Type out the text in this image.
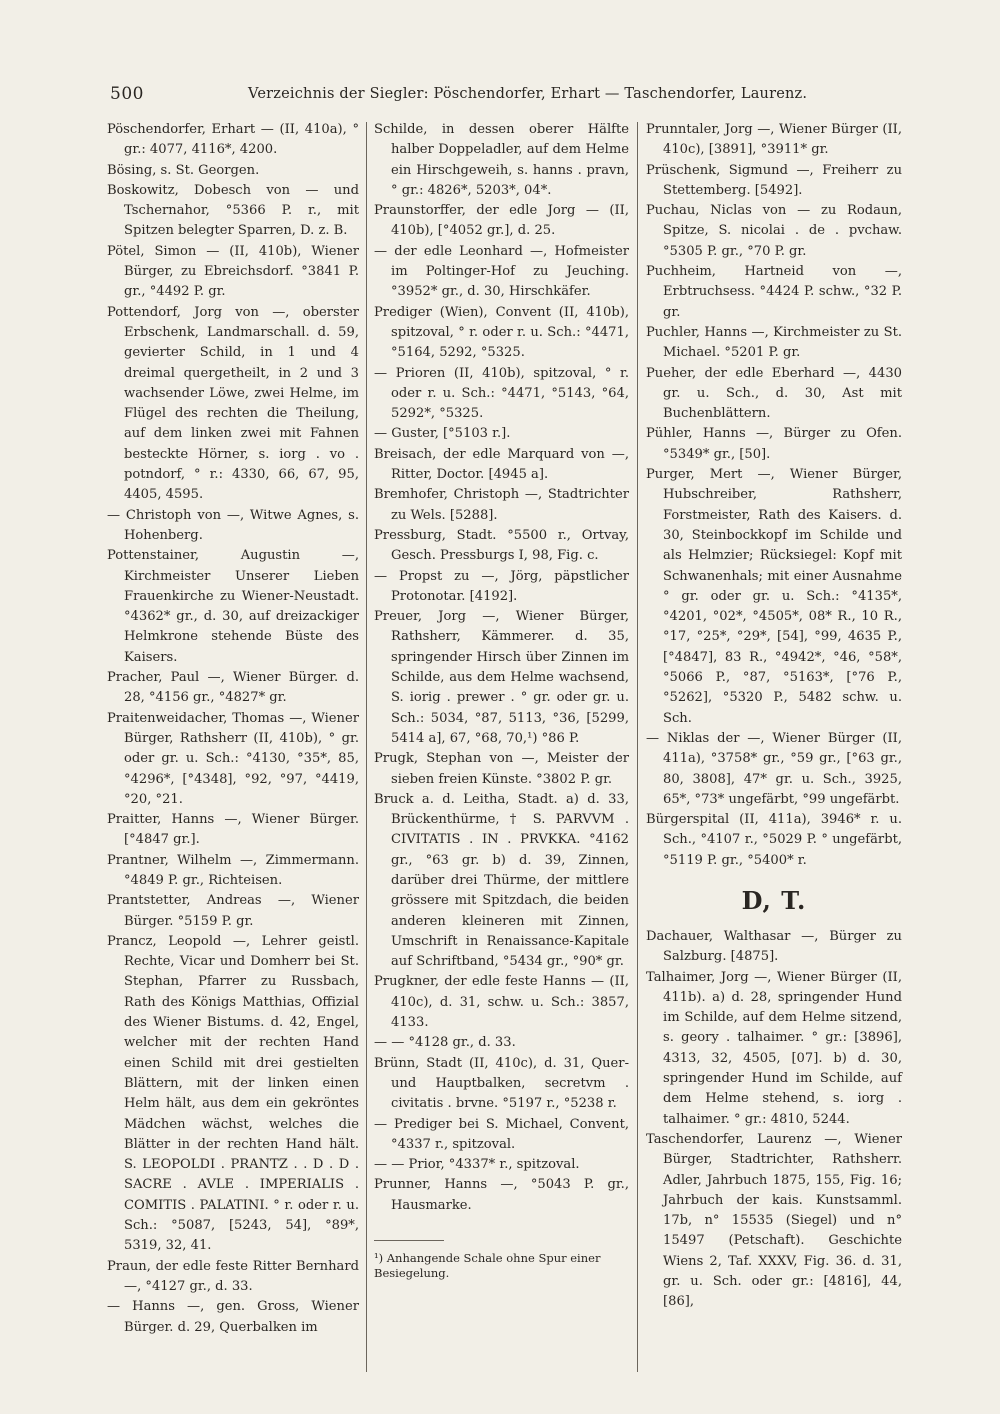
500	Verzeichnis der Siegler: Pöschendorfer, Erhart — Taschendorfer, Laurenz.

Pöschendorfer, Erhart — (II, 410a), ° gr.: 4077, 4116*, 4200.

Bösing, s. St. Georgen.

Boskowitz, Dobesch von — und Tschernahor, °5366 P. r., mit Spitzen belegter Sparren, D. z. B.

Pötel, Simon — (II, 410b), Wiener Bürger, zu Ebreichsdorf. °3841 P. gr., °4492 P. gr.

Pottendorf, Jorg von —, oberster Erbschenk, Landmarschall. d. 59, gevierter Schild, in 1 und 4 dreimal quergetheilt, in 2 und 3 wachsender Löwe, zwei Helme, im Flügel des rechten die Theilung, auf dem linken zwei mit Fahnen besteckte Hörner, s. iorg . vo . potndorf, ° r.: 4330, 66, 67, 95, 4405, 4595.

— Christoph von —, Witwe Agnes, s. Hohenberg.

Pottenstainer, Augustin —, Kirchmeister Unserer Lieben Frauenkirche zu Wiener-Neustadt. °4362* gr., d. 30, auf dreizackiger Helmkrone stehende Büste des Kaisers.

Pracher, Paul —, Wiener Bürger. d. 28, °4156 gr., °4827* gr.

Praitenweidacher, Thomas —, Wiener Bürger, Rathsherr (II, 410b), ° gr. oder gr. u. Sch.: °4130, °35*, 85, °4296*, [°4348], °92, °97, °4419, °20, °21.

Praitter, Hanns —, Wiener Bürger. [°4847 gr.].

Prantner, Wilhelm —, Zimmermann. °4849 P. gr., Richteisen.

Prantstetter, Andreas —, Wiener Bürger. °5159 P. gr.

Prancz, Leopold —, Lehrer geistl. Rechte, Vicar und Domherr bei St. Stephan, Pfarrer zu Russbach, Rath des Königs Matthias, Offizial des Wiener Bistums. d. 42, Engel, welcher mit der rechten Hand einen Schild mit drei gestielten Blättern, mit der linken einen Helm hält, aus dem ein gekröntes Mädchen wächst, welches die Blätter in der rechten Hand hält. S. LEOPOLDI . PRANTZ . . D . D . SACRE . AVLE . IMPERIALIS . COMITIS . PALATINI. ° r. oder r. u. Sch.: °5087, [5243, 54], °89*, 5319, 32, 41.

Praun, der edle feste Ritter Bernhard —, °4127 gr., d. 33.

— Hanns —, gen. Gross, Wiener Bürger. d. 29, Querbalken im

Schilde, in dessen oberer Hälfte halber Doppeladler, auf dem Helme ein Hirschgeweih, s. hanns . pravn, ° gr.: 4826*, 5203*, 04*.

Praunstorffer, der edle Jorg — (II, 410b), [°4052 gr.], d. 25.

— der edle Leonhard —, Hofmeister im Poltinger-Hof zu Jeuching. °3952* gr., d. 30, Hirschkäfer.

Prediger (Wien), Convent (II, 410b), spitzoval, ° r. oder r. u. Sch.: °4471, °5164, 5292, °5325.

— Prioren (II, 410b), spitzoval, ° r. oder r. u. Sch.: °4471, °5143, °64, 5292*, °5325.

— Guster, [°5103 r.].

Breisach, der edle Marquard von —, Ritter, Doctor. [4945 a].

Bremhofer, Christoph —, Stadtrichter zu Wels. [5288].

Pressburg, Stadt. °5500 r., Ortvay, Gesch. Pressburgs I, 98, Fig. c.

— Propst zu —, Jörg, päpstlicher Protonotar. [4192].

Preuer, Jorg —, Wiener Bürger, Rathsherr, Kämmerer. d. 35, springender Hirsch über Zinnen im Schilde, aus dem Helme wachsend, S. iorig . prewer . ° gr. oder gr. u. Sch.: 5034, °87, 5113, °36, [5299, 5414 a], 67, °68, 70,¹) °86 P.

Prugk, Stephan von —, Meister der sieben freien Künste. °3802 P. gr.

Bruck a. d. Leitha, Stadt. a) d. 33, Brückenthürme, † S. PARVVM . CIVITATIS . IN . PRVKKA. °4162 gr., °63 gr. b) d. 39, Zinnen, darüber drei Thürme, der mittlere grössere mit Spitzdach, die beiden anderen kleineren mit Zinnen, Umschrift in Renaissance-Kapitale auf Schriftband, °5434 gr., °90* gr.

Prugkner, der edle feste Hanns — (II, 410c), d. 31, schw. u. Sch.: 3857, 4133.

— — °4128 gr., d. 33.

Brünn, Stadt (II, 410c), d. 31, Quer- und Hauptbalken, secretvm . civitatis . brvne. °5197 r., °5238 r.

— Prediger bei S. Michael, Convent, °4337 r., spitzoval.

— — Prior, °4337* r., spitzoval.

Prunner, Hanns —, °5043 P. gr., Hausmarke.

¹) Anhangende Schale ohne Spur einer Besiegelung.

Prunntaler, Jorg —, Wiener Bürger (II, 410c), [3891], °3911* gr.

Prüschenk, Sigmund —, Freiherr zu Stettemberg. [5492].

Puchau, Niclas von — zu Rodaun, Spitze, S. nicolai . de . pvchaw. °5305 P. gr., °70 P. gr.

Puchheim, Hartneid von —, Erbtruchsess. °4424 P. schw., °32 P. gr.

Puchler, Hanns —, Kirchmeister zu St. Michael. °5201 P. gr.

Pueher, der edle Eberhard —, 4430 gr. u. Sch., d. 30, Ast mit Buchenblättern.

Pühler, Hanns —, Bürger zu Ofen. °5349* gr., [50].

Purger, Mert —, Wiener Bürger, Hubschreiber, Rathsherr, Forstmeister, Rath des Kaisers. d. 30, Steinbockkopf im Schilde und als Helmzier; Rücksiegel: Kopf mit Schwanenhals; mit einer Ausnahme ° gr. oder gr. u. Sch.: °4135*, °4201, °02*, °4505*, 08* R., 10 R., °17, °25*, °29*, [54], °99, 4635 P., [°4847], 83 R., °4942*, °46, °58*, °5066 P., °87, °5163*, [°76 P., °5262], °5320 P., 5482 schw. u. Sch.

— Niklas der —, Wiener Bürger (II, 411a), °3758* gr., °59 gr., [°63 gr., 80, 3808], 47* gr. u. Sch., 3925, 65*, °73* ungefärbt, °99 ungefärbt.

Bürgerspital (II, 411a), 3946* r. u. Sch., °4107 r., °5029 P. ° ungefärbt, °5119 P. gr., °5400* r.

D, T.

Dachauer, Walthasar —, Bürger zu Salzburg. [4875].

Talhaimer, Jorg —, Wiener Bürger (II, 411b). a) d. 28, springender Hund im Schilde, auf dem Helme sitzend, s. geory . talhaimer. ° gr.: [3896], 4313, 32, 4505, [07]. b) d. 30, springender Hund im Schilde, auf dem Helme stehend, s. iorg . talhaimer. ° gr.: 4810, 5244.

Taschendorfer, Laurenz —, Wiener Bürger, Stadtrichter, Rathsherr. Adler, Jahrbuch 1875, 155, Fig. 16; Jahrbuch der kais. Kunstsamml. 17b, n° 15535 (Siegel) und n° 15497 (Petschaft). Geschichte Wiens 2, Taf. XXXV, Fig. 36. d. 31, gr. u. Sch. oder gr.: [4816], 44, [86],
